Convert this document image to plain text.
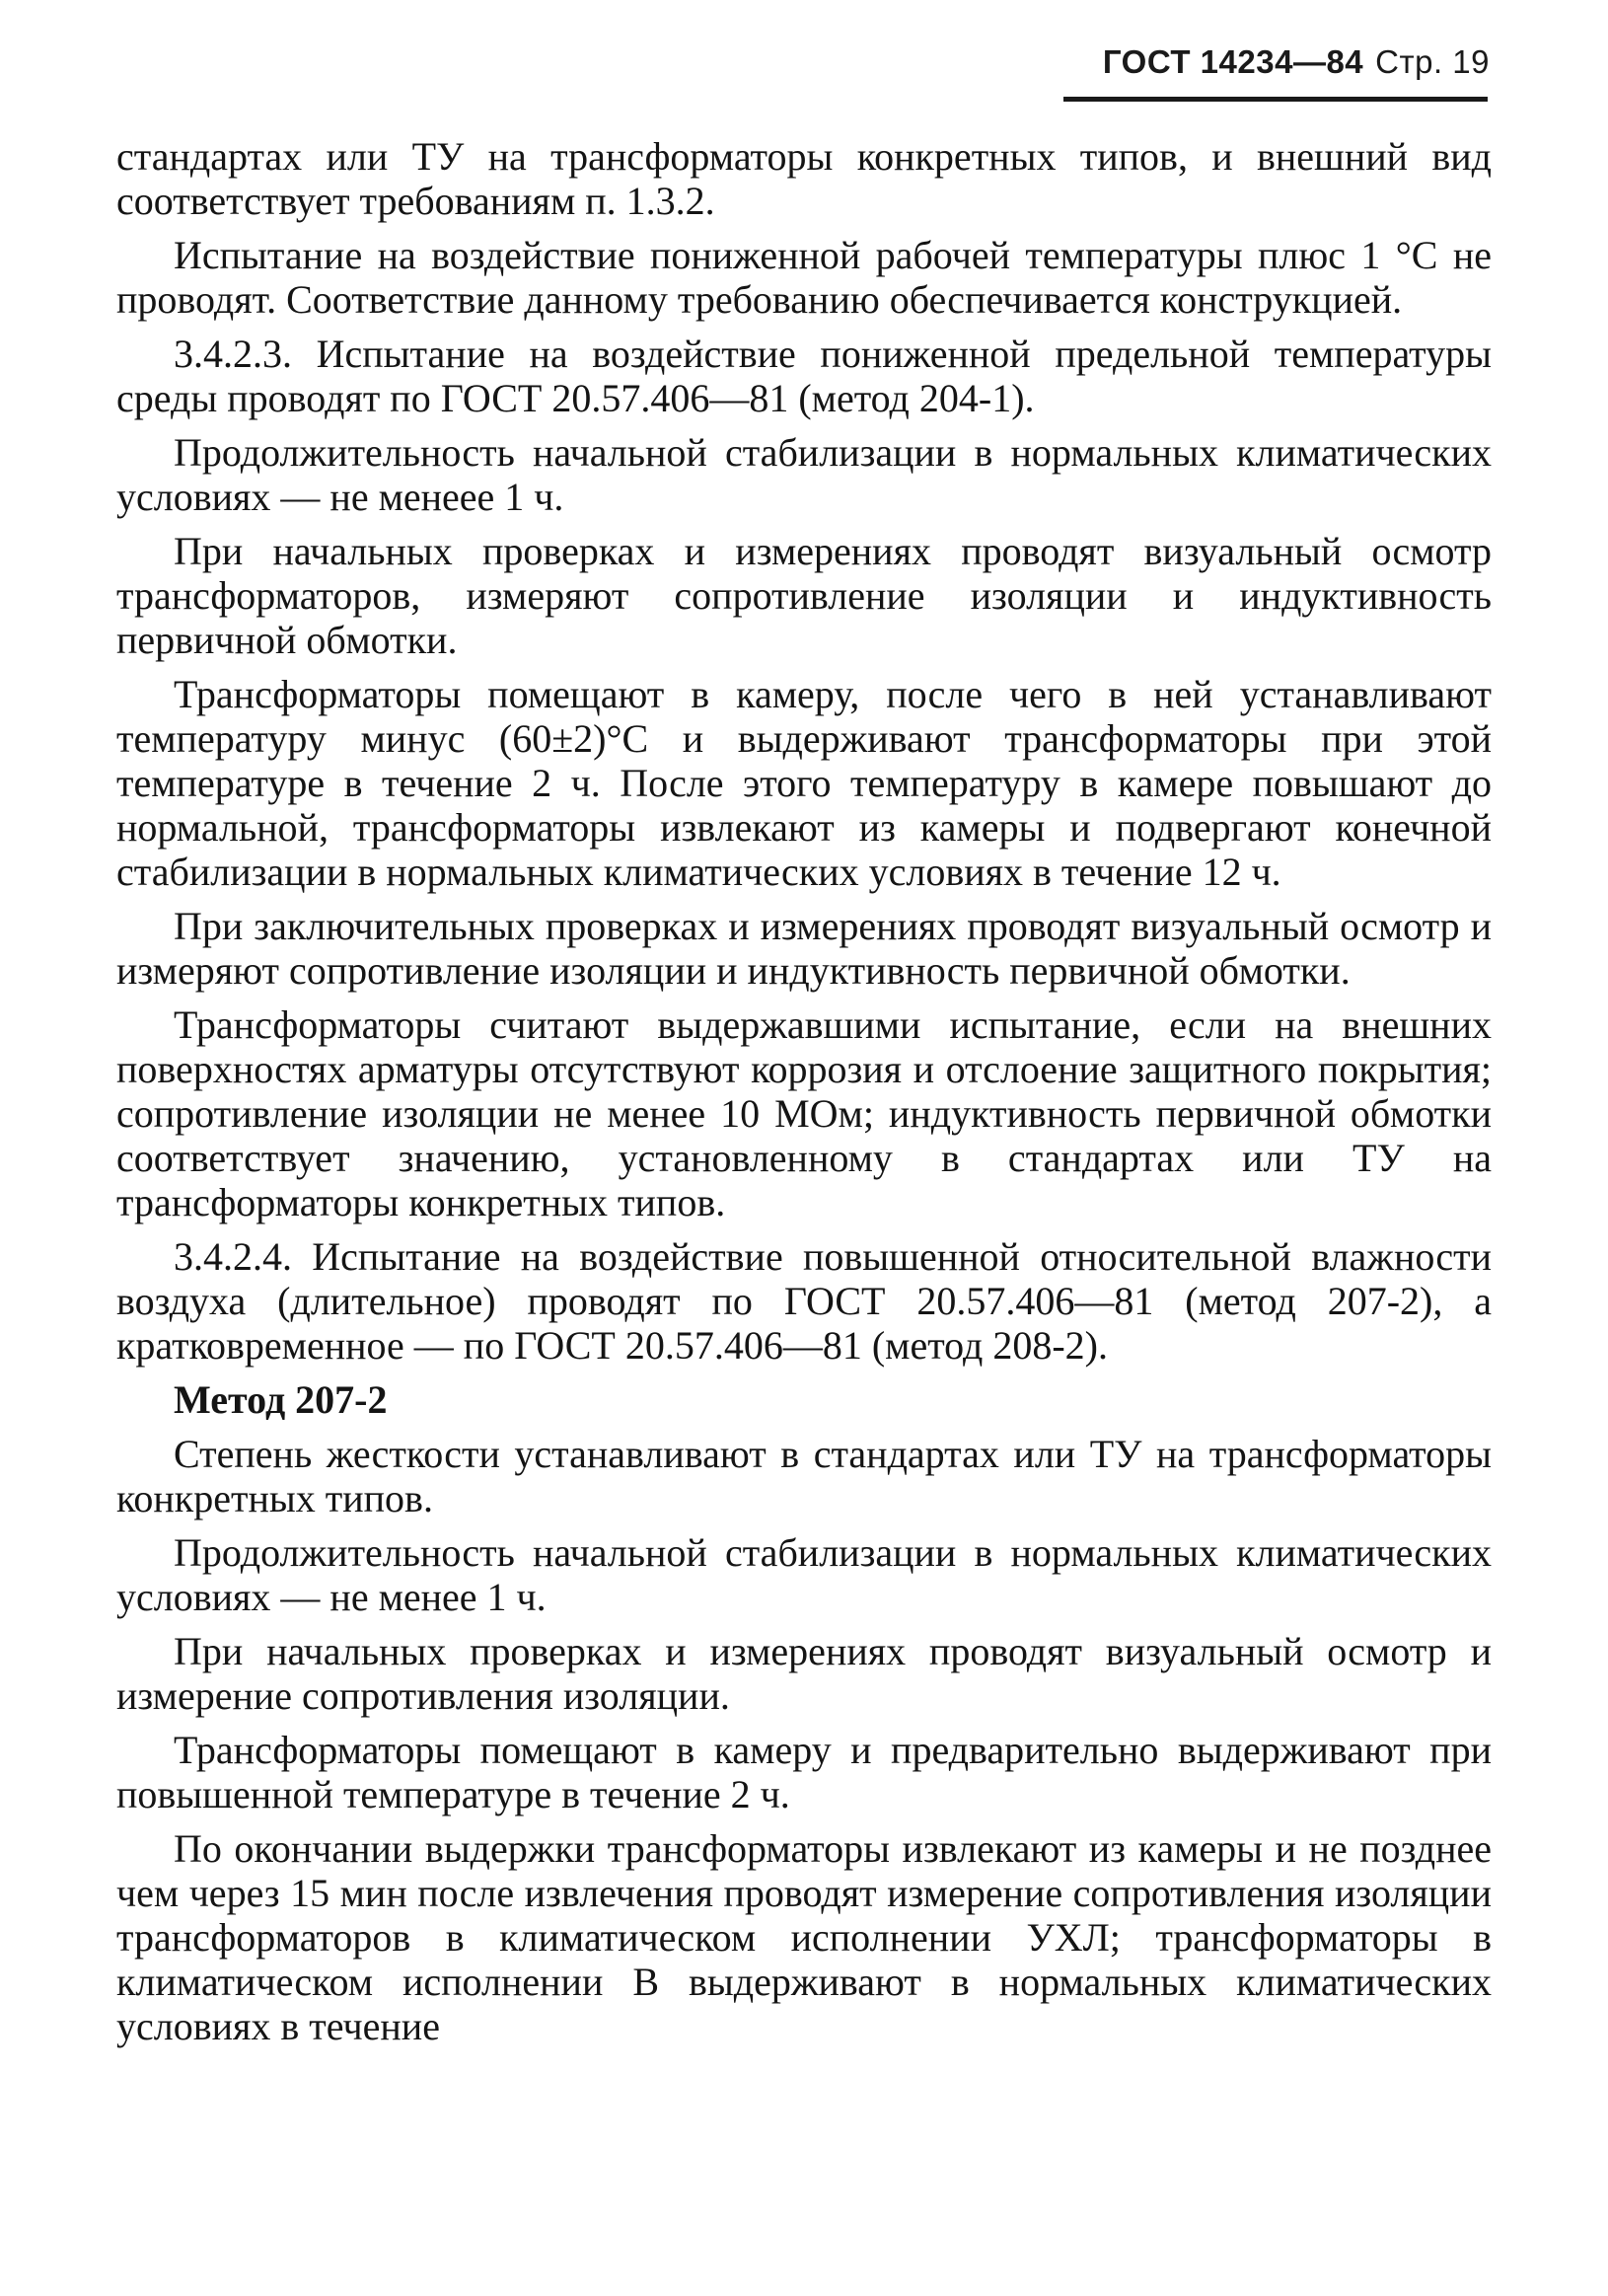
ГОСТ 14234—84 Стр. 19

стандартах или ТУ на трансформаторы конкретных типов, и внешний вид соответствует требованиям п. 1.3.2.

Испытание на воздействие пониженной рабочей температуры плюс 1 °С не проводят. Соответствие данному требованию обеспечивается конструкцией.

3.4.2.3. Испытание на воздействие пониженной предельной температуры среды проводят по ГОСТ 20.57.406—81 (метод 204-1).

Продолжительность начальной стабилизации в нормальных климатических условиях — не менеее 1 ч.

При начальных проверках и измерениях проводят визуальный осмотр трансформаторов, измеряют сопротивление изоляции и индуктивность первичной обмотки.

Трансформаторы помещают в камеру, после чего в ней устанавливают температуру минус (60±2)°С и выдерживают трансформаторы при этой температуре в течение 2 ч. После этого температуру в камере повышают до нормальной, трансформаторы извлекают из камеры и подвергают конечной стабилизации в нормальных климатических условиях в течение 12 ч.

При заключительных проверках и измерениях проводят визуальный осмотр и измеряют сопротивление изоляции и индуктивность первичной обмотки.

Трансформаторы считают выдержавшими испытание, если на внешних поверхностях арматуры отсутствуют коррозия и отслоение защитного покрытия; сопротивление изоляции не менее 10 МОм; индуктивность первичной обмотки соответствует значению, установленному в стандартах или ТУ на трансформаторы конкретных типов.

3.4.2.4. Испытание на воздействие повышенной относительной влажности воздуха (длительное) проводят по ГОСТ 20.57.406—81 (метод 207-2), а кратковременное — по ГОСТ 20.57.406—81 (метод 208-2).

Метод 207-2

Степень жесткости устанавливают в стандартах или ТУ на трансформаторы конкретных типов.

Продолжительность начальной стабилизации в нормальных климатических условиях — не менее 1 ч.

При начальных проверках и измерениях проводят визуальный осмотр и измерение сопротивления изоляции.

Трансформаторы помещают в камеру и предварительно выдерживают при повышенной температуре в течение 2 ч.

По окончании выдержки трансформаторы извлекают из камеры и не позднее чем через 15 мин после извлечения проводят измерение сопротивления изоляции трансформаторов в климатическом исполнении УХЛ; трансформаторы в климатическом исполнении В выдерживают в нормальных климатических условиях в течение
